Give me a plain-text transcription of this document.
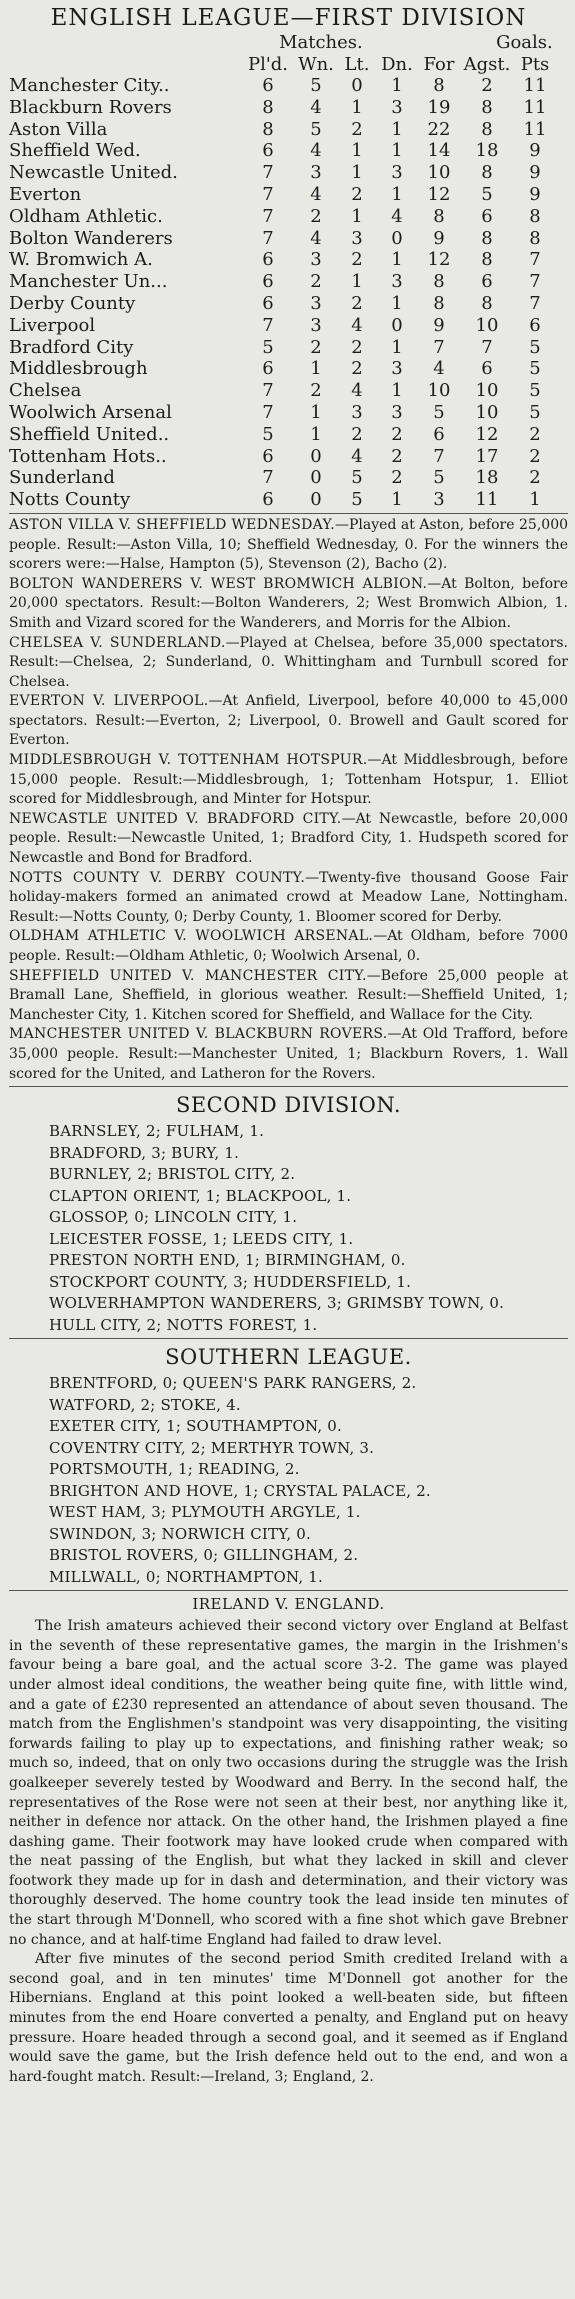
ENGLISH LEAGUE—FIRST DIVISION
Matches.	Goals.
Pl'd. Wn. Lt. Dn. For Agst. Pts
Manchester City..	6	5	0	1	8	2	11
Blackburn Rovers	8	4	1	3	19	8	11
Aston Villa	8	5	2	1	22	8	11
Sheffield Wed.	6	4	1	1	14	18	9
Newcastle United.	7	3	1	3	10	8	9
Everton	7	4	2	1	12	5	9
Oldham Athletic.	7	2	1	4	8	6	8
Bolton Wanderers	7	4	3	0	9	8	8
W. Bromwich A.	6	3	2	1	12	8	7
Manchester Un...	6	2	1	3	8	6	7
Derby County	6	3	2	1	8	8	7
Liverpool	7	3	4	0	9	10	6
Bradford City	5	2	2	1	7	7	5
Middlesbrough	6	1	2	3	4	6	5
Chelsea	7	2	4	1	10	10	5
Woolwich Arsenal	7	1	3	3	5	10	5
Sheffield United..	5	1	2	2	6	12	2
Tottenham Hots..	6	0	4	2	7	17	2
Sunderland	7	0	5	2	5	18	2
Notts County	6	0	5	1	3	11	1

ASTON VILLA V. SHEFFIELD WEDNESDAY.—Played at Aston, before 25,000 people. Result:—Aston Villa, 10; Sheffield Wednesday, 0. For the winners the scorers were:—Halse, Hampton (5), Stevenson (2), Bacho (2).

BOLTON WANDERERS V. WEST BROMWICH ALBION.—At Bolton, before 20,000 spectators. Result:—Bolton Wanderers, 2; West Bromwich Albion, 1. Smith and Vizard scored for the Wanderers, and Morris for the Albion.

CHELSEA V. SUNDERLAND.—Played at Chelsea, before 35,000 spectators. Result:—Chelsea, 2; Sunderland, 0. Whittingham and Turnbull scored for Chelsea.

EVERTON V. LIVERPOOL.—At Anfield, Liverpool, before 40,000 to 45,000 spectators. Result:—Everton, 2; Liverpool, 0. Browell and Gault scored for Everton.

MIDDLESBROUGH V. TOTTENHAM HOTSPUR.—At Middlesbrough, before 15,000 people. Result:—Middlesbrough, 1; Tottenham Hotspur, 1. Elliot scored for Middlesbrough, and Minter for Hotspur.

NEWCASTLE UNITED V. BRADFORD CITY.—At Newcastle, before 20,000 people. Result:—Newcastle United, 1; Bradford City, 1. Hudspeth scored for Newcastle and Bond for Bradford.

NOTTS COUNTY V. DERBY COUNTY.—Twenty-five thousand Goose Fair holiday-makers formed an animated crowd at Meadow Lane, Nottingham. Result:—Notts County, 0; Derby County, 1. Bloomer scored for Derby.

OLDHAM ATHLETIC V. WOOLWICH ARSENAL.—At Oldham, before 7000 people. Result:—Oldham Athletic, 0; Woolwich Arsenal, 0.

SHEFFIELD UNITED V. MANCHESTER CITY.—Before 25,000 people at Bramall Lane, Sheffield, in glorious weather. Result:—Sheffield United, 1; Manchester City, 1. Kitchen scored for Sheffield, and Wallace for the City.

MANCHESTER UNITED V. BLACKBURN ROVERS.—At Old Trafford, before 35,000 people. Result:—Manchester United, 1; Blackburn Rovers, 1. Wall scored for the United, and Latheron for the Rovers.

SECOND DIVISION.

BARNSLEY, 2; FULHAM, 1.

BRADFORD, 3; BURY, 1.

BURNLEY, 2; BRISTOL CITY, 2.

CLAPTON ORIENT, 1; BLACKPOOL, 1.

GLOSSOP, 0; LINCOLN CITY, 1.

LEICESTER FOSSE, 1; LEEDS CITY, 1.

PRESTON NORTH END, 1; BIRMINGHAM, 0.

STOCKPORT COUNTY, 3; HUDDERSFIELD, 1.

WOLVERHAMPTON WANDERERS, 3; GRIMSBY TOWN, 0.

HULL CITY, 2; NOTTS FOREST, 1.

SOUTHERN LEAGUE.

BRENTFORD, 0; QUEEN'S PARK RANGERS, 2.

WATFORD, 2; STOKE, 4.

EXETER CITY, 1; SOUTHAMPTON, 0.

COVENTRY CITY, 2; MERTHYR TOWN, 3.

PORTSMOUTH, 1; READING, 2.

BRIGHTON AND HOVE, 1; CRYSTAL PALACE, 2.

WEST HAM, 3; PLYMOUTH ARGYLE, 1.

SWINDON, 3; NORWICH CITY, 0.

BRISTOL ROVERS, 0; GILLINGHAM, 2.

MILLWALL, 0; NORTHAMPTON, 1.

IRELAND V. ENGLAND.

The Irish amateurs achieved their second victory over England at Belfast in the seventh of these representative games, the margin in the Irishmen's favour being a bare goal, and the actual score 3-2. The game was played under almost ideal conditions, the weather being quite fine, with little wind, and a gate of £230 represented an attendance of about seven thousand. The match from the Englishmen's standpoint was very disappointing, the visiting forwards failing to play up to expectations, and finishing rather weak; so much so, indeed, that on only two occasions during the struggle was the Irish goalkeeper severely tested by Woodward and Berry. In the second half, the representatives of the Rose were not seen at their best, nor anything like it, neither in defence nor attack. On the other hand, the Irishmen played a fine dashing game. Their footwork may have looked crude when compared with the neat passing of the English, but what they lacked in skill and clever footwork they made up for in dash and determination, and their victory was thoroughly deserved. The home country took the lead inside ten minutes of the start through M'Donnell, who scored with a fine shot which gave Brebner no chance, and at half-time England had failed to draw level.

After five minutes of the second period Smith credited Ireland with a second goal, and in ten minutes' time M'Donnell got another for the Hibernians. England at this point looked a well-beaten side, but fifteen minutes from the end Hoare converted a penalty, and England put on heavy pressure. Hoare headed through a second goal, and it seemed as if England would save the game, but the Irish defence held out to the end, and won a hard-fought match. Result:—Ireland, 3; England, 2.
